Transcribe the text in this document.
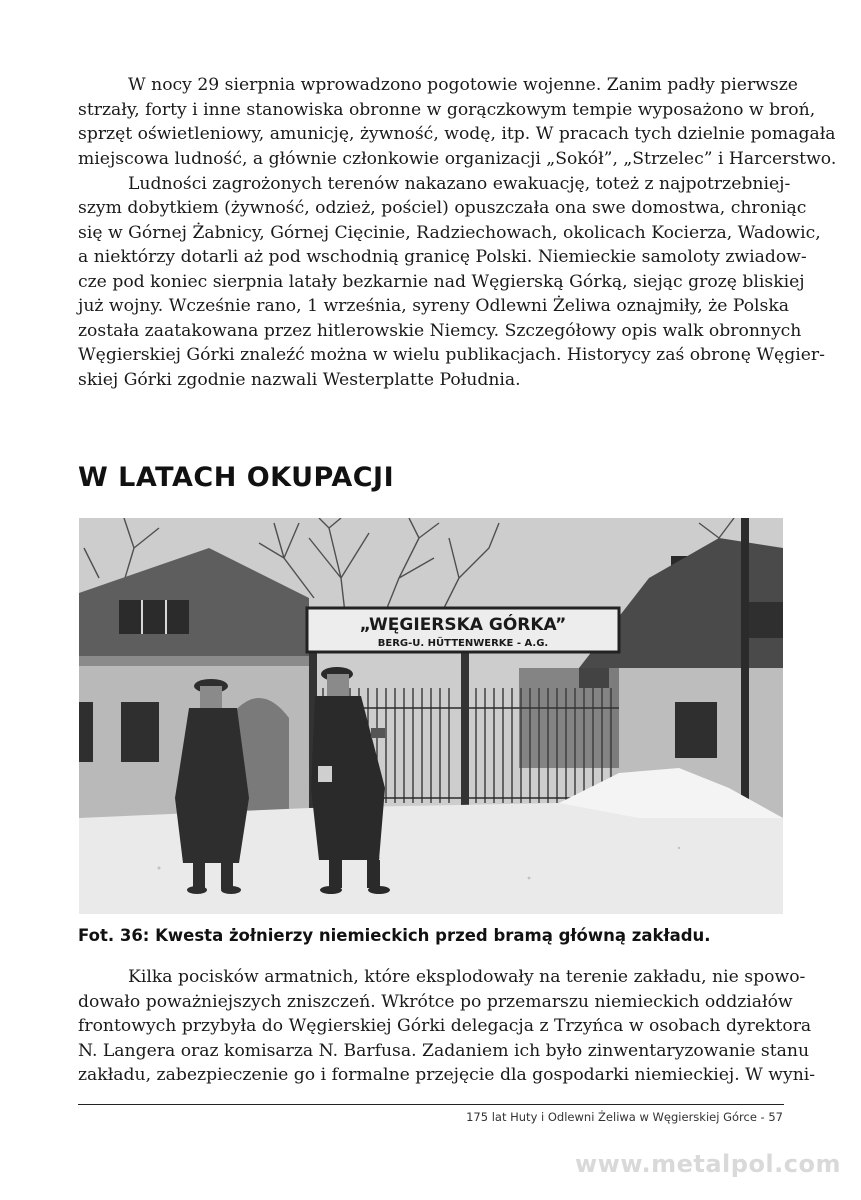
W nocy 29 sierpnia wprowadzono pogotowie wojenne. Zanim padły pierwsze
strzały, forty i inne stanowiska obronne w gorączkowym tempie wyposażono w broń,
sprzęt oświetleniowy, amunicję, żywność, wodę, itp. W pracach tych dzielnie pomagała
miejscowa ludność, a głównie członkowie organizacji „Sokół”, „Strzelec” i Harcerstwo.
Ludności zagrożonych terenów nakazano ewakuację, toteż z najpotrzebniej-
szym dobytkiem (żywność, odzież, pościel) opuszczała ona swe domostwa, chroniąc
się w Górnej Żabnicy, Górnej Cięcinie, Radziechowach, okolicach Kocierza, Wadowic,
a niektórzy dotarli aż pod wschodnią granicę Polski. Niemieckie samoloty zwiadow-
cze pod koniec sierpnia latały bezkarnie nad Węgierską Górką, siejąc grozę bliskiej
już wojny. Wcześnie rano, 1 września, syreny Odlewni Żeliwa oznajmiły, że Polska
została zaatakowana przez hitlerowskie Niemcy. Szczegółowy opis walk obronnych
Węgierskiej Górki znaleźć można w wielu publikacjach. Historycy zaś obronę Węgier-
skiej Górki zgodnie nazwali Westerplatte Południa.
W LATACH OKUPACJI
„WĘGIERSKA GÓRKA”
BERG-U. HÜTTENWERKE - A.G.

Fot. 36: Kwesta żołnierzy niemieckich przed bramą główną zakładu.

Kilka pocisków armatnich, które eksplodowały na terenie zakładu, nie spowo-
dowało poważniejszych zniszczeń. Wkrótce po przemarszu niemieckich oddziałów
frontowych przybyła do Węgierskiej Górki delegacja z Trzyńca w osobach dyrektora
N. Langera oraz komisarza N. Barfusa. Zadaniem ich było zinwentaryzowanie stanu
zakładu, zabezpieczenie go i formalne przejęcie dla gospodarki niemieckiej. W wyni-
175 lat Huty i Odlewni Żeliwa w Węgierskiej Górce - 57
www.metalpol.com
